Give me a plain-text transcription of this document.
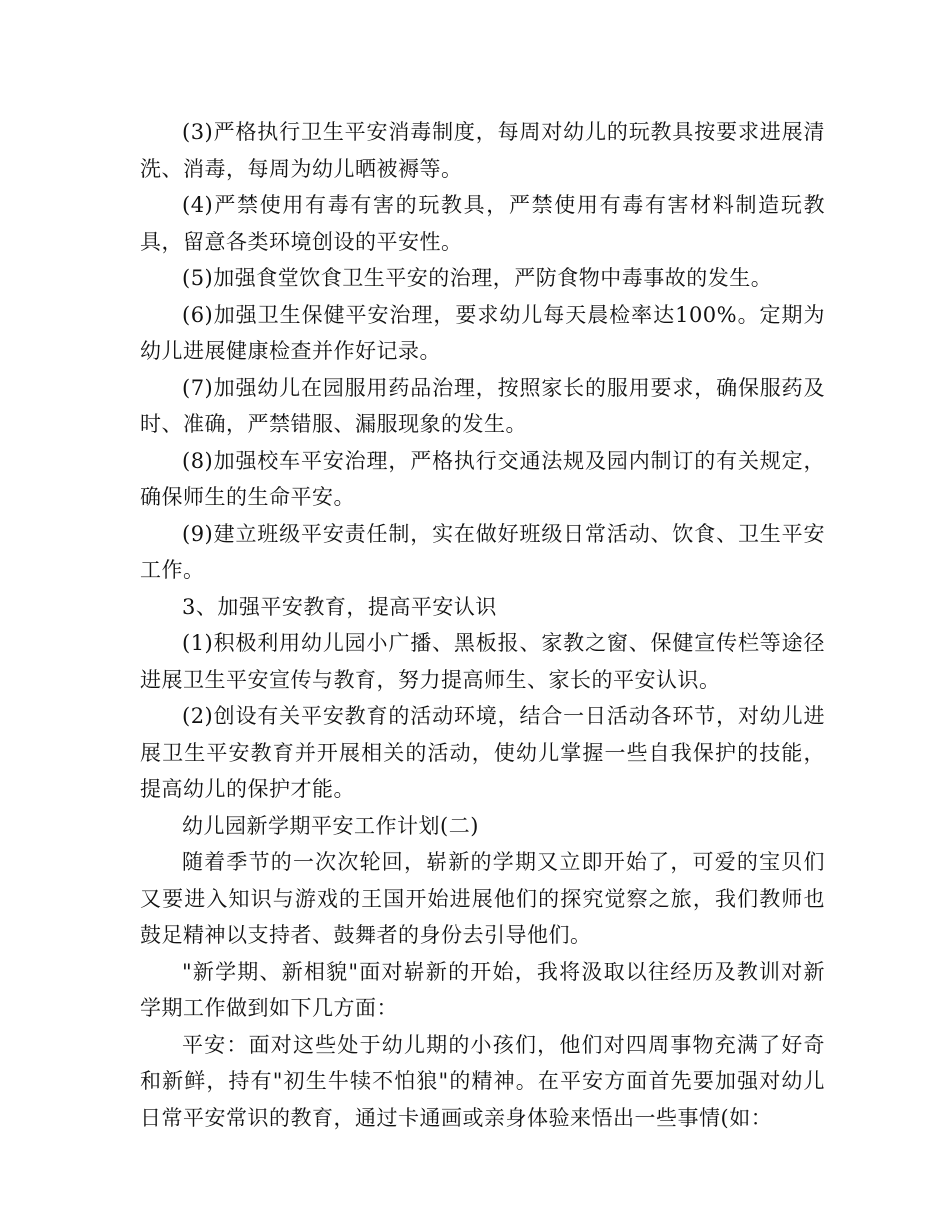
(3)严格执行卫生平安消毒制度，每周对幼儿的玩教具按要求进展清洗、消毒，每周为幼儿晒被褥等。

(4)严禁使用有毒有害的玩教具，严禁使用有毒有害材料制造玩教具，留意各类环境创设的平安性。

(5)加强食堂饮食卫生平安的治理，严防食物中毒事故的发生。

(6)加强卫生保健平安治理，要求幼儿每天晨检率达100%。定期为幼儿进展健康检查并作好记录。

(7)加强幼儿在园服用药品治理，按照家长的服用要求，确保服药及时、准确，严禁错服、漏服现象的发生。

(8)加强校车平安治理，严格执行交通法规及园内制订的有关规定，确保师生的生命平安。

(9)建立班级平安责任制，实在做好班级日常活动、饮食、卫生平安工作。

3、加强平安教育，提高平安认识

(1)积极利用幼儿园小广播、黑板报、家教之窗、保健宣传栏等途径进展卫生平安宣传与教育，努力提高师生、家长的平安认识。

(2)创设有关平安教育的活动环境，结合一日活动各环节，对幼儿进展卫生平安教育并开展相关的活动，使幼儿掌握一些自我保护的技能，提高幼儿的保护才能。

幼儿园新学期平安工作计划(二)

随着季节的一次次轮回，崭新的学期又立即开始了，可爱的宝贝们又要进入知识与游戏的王国开始进展他们的探究觉察之旅，我们教师也鼓足精神以支持者、鼓舞者的身份去引导他们。

"新学期、新相貌"面对崭新的开始，我将汲取以往经历及教训对新学期工作做到如下几方面：

平安：面对这些处于幼儿期的小孩们，他们对四周事物充满了好奇和新鲜，持有"初生牛犊不怕狼"的精神。在平安方面首先要加强对幼儿日常平安常识的教育，通过卡通画或亲身体验来悟出一些事情(如：
